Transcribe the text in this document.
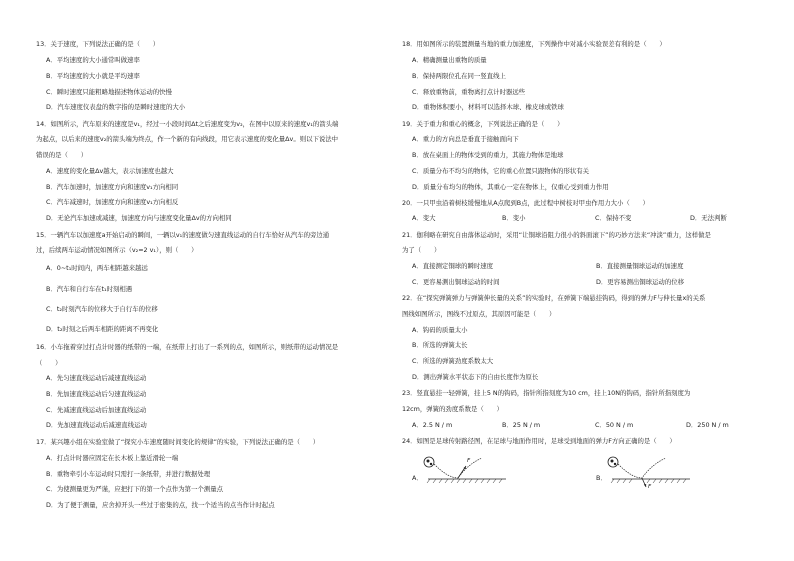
13．关于速度，下列说法正确的是（　　）
A．平均速度的大小通常叫做速率
B．平均速度的大小就是平均速率
C．瞬时速度只能粗略地描述物体运动的快慢
D．汽车速度仪表盘的数字指的是瞬时速度的大小
14．如图所示，汽车原来的速度是v₁，经过一小段时间Δt之后速度变为v₂，在图中以原来的速度v₁的箭头端
为起点，以后来的速度v₂的箭头端为终点，作一个新的有向线段，用它表示速度的变化量Δv。则以下说法中
错误的是（　　）
A．速度的变化量Δv越大，表示加速度也越大
B．汽车加速时，加速度方向和速度v₁方向相同
C．汽车减速时，加速度方向和速度v₁方向相反
D．无论汽车加速或减速，加速度方向与速度变化量Δv的方向相同
15．一辆汽车以加速度a开始启动的瞬间，一辆以v₁的速度做匀速直线运动的自行车恰好从汽车的旁边通
过，后续两车运动情况如图所示（v₂=2 v₁），则（　　）
A．0~t₁时间内，两车相距越来越远
B．汽车和自行车在t₁时刻相遇
C．t₂时刻汽车的位移大于自行车的位移
D．t₂时刻之后两车相距的距离不再变化
16．小车拖着穿过打点计时器的纸带的一端，在纸带上打出了一系列的点，如图所示，则纸带的运动情况是
（　　）
A．先匀速直线运动后减速直线运动
B．先加速直线运动后匀速直线运动
C．先减速直线运动后加速直线运动
D．先加速直线运动后减速直线运动
17．某兴趣小组在实验室做了“探究小车速度随时间变化的规律”的实验，下列说法正确的是（　　）
A．打点计时器应固定在长木板上靠近滑轮一端
B．重物牵引小车运动时只需打一条纸带，并进行数据处理
C．为使测量更为严谨，应把打下的第一个点作为第一个测量点
D．为了便于测量，应舍掉开头一些过于密集的点，找一个适当的点当作计时起点
18．用如图所示的装置测量当地的重力加速度，下列操作中对减小实验误差有利的是（　　）
A．精确测量出重物的质量
B．保持两限位孔在同一竖直线上
C．释放重物前，重物离打点计时器远些
D．重物体积要小，材料可以选择木球、橡皮球或铁球
19．关于重力和重心的概念，下列说法正确的是（　　）
A．重力的方向总是垂直于接触面向下
B．放在桌面上的物体受到的重力，其施力物体是地球
C．质量分布不均匀的物体，它的重心位置只跟物体的形状有关
D．质量分布均匀的物体，其重心一定在物体上，仅重心受到重力作用
20．一只甲虫沿着树枝缓慢地从A点爬到B点，此过程中树枝对甲虫作用力大小（　　）
A．变大	B．变小	C．保持不变	D．无法判断
21．伽利略在研究自由落体运动时，采用“让铜球沿阻力很小的斜面滚下”的巧妙方法来“冲淡”重力，这样做是
为了（　　）
A．直接测定铜球的瞬时速度	B．直接测量铜球运动的加速度
C．更容易测出铜球运动的时间	D．更容易测出铜球运动的位移
22．在“探究弹簧弹力与弹簧伸长量的关系”的实验时，在弹簧下端悬挂钩码，得到的弹力F与伸长量x的关系
图线如图所示，图线不过原点，其原因可能是（　　）
A．钩码的质量太小
B．所选的弹簧太长
C．所选的弹簧劲度系数太大
D．测出弹簧水平状态下的自由长度作为原长
23．竖直悬挂一轻弹簧，挂上5 N的钩码，指针所指刻度为10 cm，挂上10N的钩码，指针所指刻度为
12cm，弹簧的劲度系数是（　　）
A．2.5 N / m	B．25 N / m	C．50 N / m	D．250 N / m
24．如图是足球传射路径图，在足球与地面作用时，足球受到地面的弹力F方向正确的是（　　）
A．	B．
F
F
